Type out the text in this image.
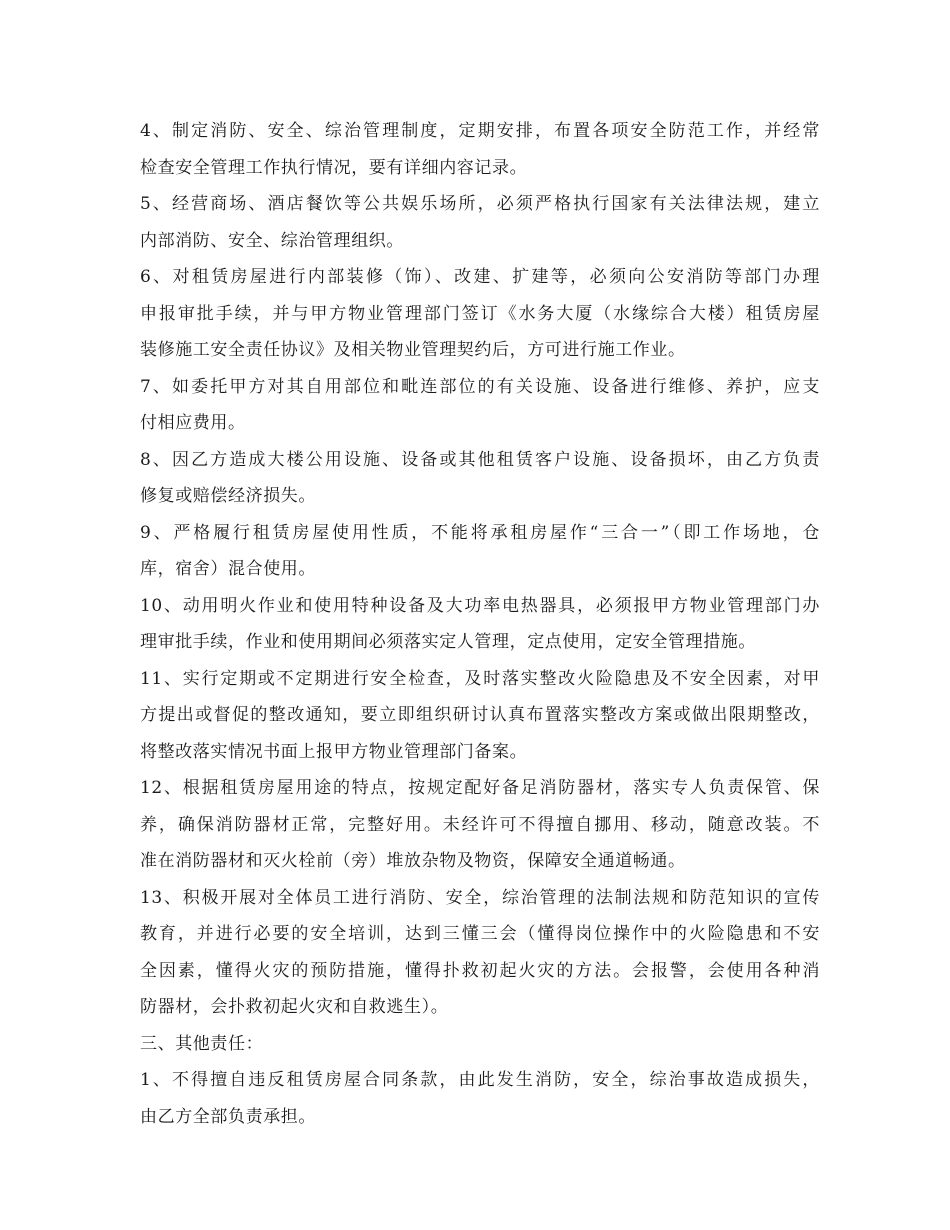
4、制定消防、安全、综治管理制度，定期安排，布置各项安全防范工作，并经常
检查安全管理工作执行情况，要有详细内容记录。
5、经营商场、酒店餐饮等公共娱乐场所，必须严格执行国家有关法律法规，建立
内部消防、安全、综治管理组织。
6、对租赁房屋进行内部装修（饰）、改建、扩建等，必须向公安消防等部门办理
申报审批手续，并与甲方物业管理部门签订《水务大厦（水缘综合大楼）租赁房屋
装修施工安全责任协议》及相关物业管理契约后，方可进行施工作业。
7、如委托甲方对其自用部位和毗连部位的有关设施、设备进行维修、养护，应支
付相应费用。
8、因乙方造成大楼公用设施、设备或其他租赁客户设施、设备损坏，由乙方负责
修复或赔偿经济损失。
9、严格履行租赁房屋使用性质，不能将承租房屋作“三合一”（即工作场地，仓
库，宿舍）混合使用。
10、动用明火作业和使用特种设备及大功率电热器具，必须报甲方物业管理部门办
理审批手续，作业和使用期间必须落实定人管理，定点使用，定安全管理措施。
11、实行定期或不定期进行安全检查，及时落实整改火险隐患及不安全因素，对甲
方提出或督促的整改通知，要立即组织研讨认真布置落实整改方案或做出限期整改，
将整改落实情况书面上报甲方物业管理部门备案。
12、根据租赁房屋用途的特点，按规定配好备足消防器材，落实专人负责保管、保
养，确保消防器材正常，完整好用。未经许可不得擅自挪用、移动，随意改装。不
准在消防器材和灭火栓前（旁）堆放杂物及物资，保障安全通道畅通。
13、积极开展对全体员工进行消防、安全，综治管理的法制法规和防范知识的宣传
教育，并进行必要的安全培训，达到三懂三会（懂得岗位操作中的火险隐患和不安
全因素，懂得火灾的预防措施，懂得扑救初起火灾的方法。会报警，会使用各种消
防器材，会扑救初起火灾和自救逃生）。
三、其他责任：
1、不得擅自违反租赁房屋合同条款，由此发生消防，安全，综治事故造成损失，
由乙方全部负责承担。
